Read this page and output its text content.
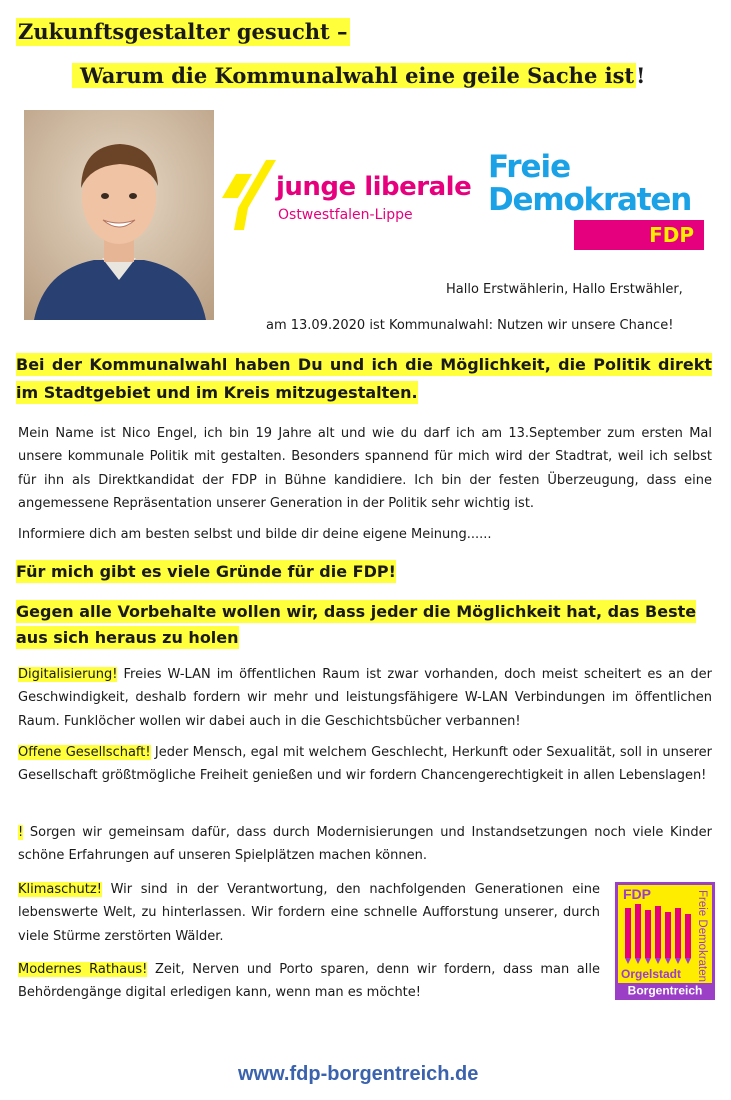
Zukunftsgestalter gesucht –
Warum die Kommunalwahl eine geile Sache ist!
junge liberale
Ostwestfalen-Lippe
Freie
Demokraten
FDP
Hallo Erstwählerin, Hallo Erstwähler,
am 13.09.2020 ist Kommunalwahl: Nutzen wir unsere Chance!
Bei der Kommunalwahl haben Du und ich die Möglichkeit, die Politik direkt im Stadtgebiet und im Kreis mitzugestalten.
Mein Name ist Nico Engel, ich bin 19 Jahre alt und wie du darf ich am 13.September zum ersten Mal unsere kommunale Politik mit gestalten. Besonders spannend für mich wird der Stadtrat, weil ich selbst für ihn als Direktkandidat der FDP in Bühne kandidiere. Ich bin der festen Überzeugung, dass eine angemessene Repräsentation unserer Generation in der Politik sehr wichtig ist.
Informiere dich am besten selbst und bilde dir deine eigene Meinung......
Für mich gibt es viele Gründe für die FDP!
Gegen alle Vorbehalte wollen wir, dass jeder die Möglichkeit hat, das Beste aus sich heraus zu holen
Digitalisierung! Freies W-LAN im öffentlichen Raum ist zwar vorhanden, doch meist scheitert es an der Geschwindigkeit, deshalb fordern wir mehr und leistungsfähigere W-LAN Verbindungen im öffentlichen Raum. Funklöcher wollen wir dabei auch in die Geschichtsbücher verbannen!
Offene Gesellschaft! Jeder Mensch, egal mit welchem Geschlecht, Herkunft oder Sexualität, soll in unserer Gesellschaft größtmögliche Freiheit genießen und wir fordern Chancengerechtigkeit in allen Lebenslagen!
! Sorgen wir gemeinsam dafür, dass durch Modernisierungen und Instandsetzungen noch viele Kinder schöne Erfahrungen auf unseren Spielplätzen machen können.
Klimaschutz! Wir sind in der Verantwortung, den nachfolgenden Generationen eine lebenswerte Welt, zu hinterlassen. Wir fordern eine schnelle Aufforstung unserer, durch viele Stürme zerstörten Wälder.
Modernes Rathaus! Zeit, Nerven und Porto sparen, denn wir fordern, dass man alle Behördengänge digital erledigen kann, wenn man es möchte!
FDP	Freie Demokraten
Orgelstadt
Borgentreich
www.fdp-borgentreich.de
